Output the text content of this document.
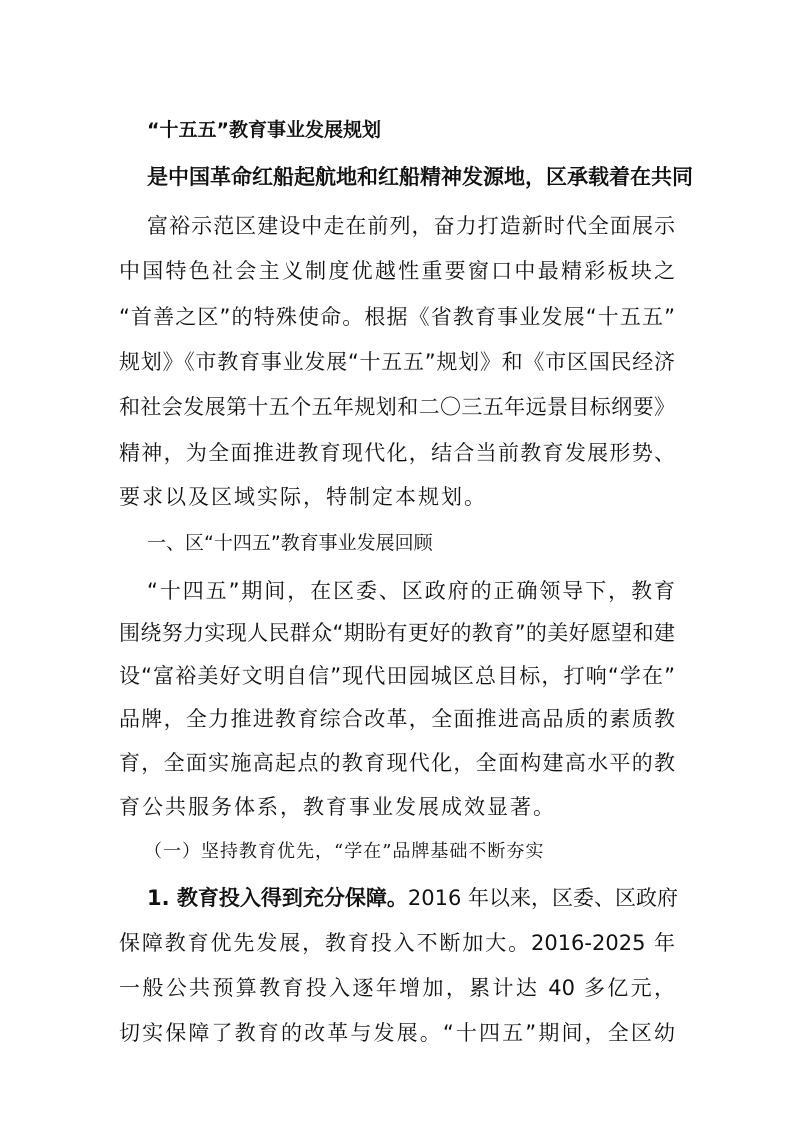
“十五五”教育事业发展规划
是中国革命红船起航地和红船精神发源地，区承载着在共同
富裕示范区建设中走在前列，奋力打造新时代全面展示
中国特色社会主义制度优越性重要窗口中最精彩板块之
“首善之区”的特殊使命。根据《省教育事业发展“十五五”
规划》《市教育事业发展“十五五”规划》和《市区国民经济
和社会发展第十五个五年规划和二〇三五年远景目标纲要》
精神，为全面推进教育现代化，结合当前教育发展形势、
要求以及区域实际，特制定本规划。
一、区“十四五”教育事业发展回顾
“十四五”期间，在区委、区政府的正确领导下，教育
围绕努力实现人民群众“期盼有更好的教育”的美好愿望和建
设“富裕美好文明自信”现代田园城区总目标，打响“学在”
品牌，全力推进教育综合改革，全面推进高品质的素质教
育，全面实施高起点的教育现代化，全面构建高水平的教
育公共服务体系，教育事业发展成效显著。
（一）坚持教育优先，“学在”品牌基础不断夯实
1. 教育投入得到充分保障。 2016 年以来，区委、区政府
保障教育优先发展，教育投入不断加大。2016-2025 年
一般公共预算教育投入逐年增加，累计达 40 多亿元，
切实保障了教育的改革与发展。“十四五”期间，全区幼
